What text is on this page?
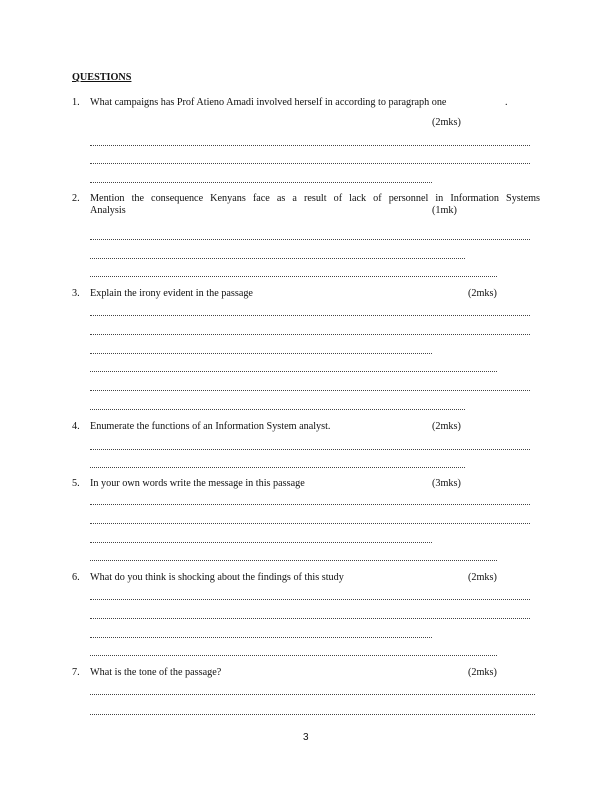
QUESTIONS
1. What campaigns has Prof Atieno Amadi involved herself in according to paragraph one	.
(2mks)
2. Mention the consequence Kenyans face as a result of lack of personnel in Information Systems
Analysis	(1mk)
3. Explain the irony evident in the passage	(2mks)
4. Enumerate the functions of an Information System analyst.	(2mks)
5. In your own words write the message in this passage	(3mks)
6. What do you think is shocking about the findings of this study	(2mks)
7. What is the tone of the passage?	(2mks)
3
